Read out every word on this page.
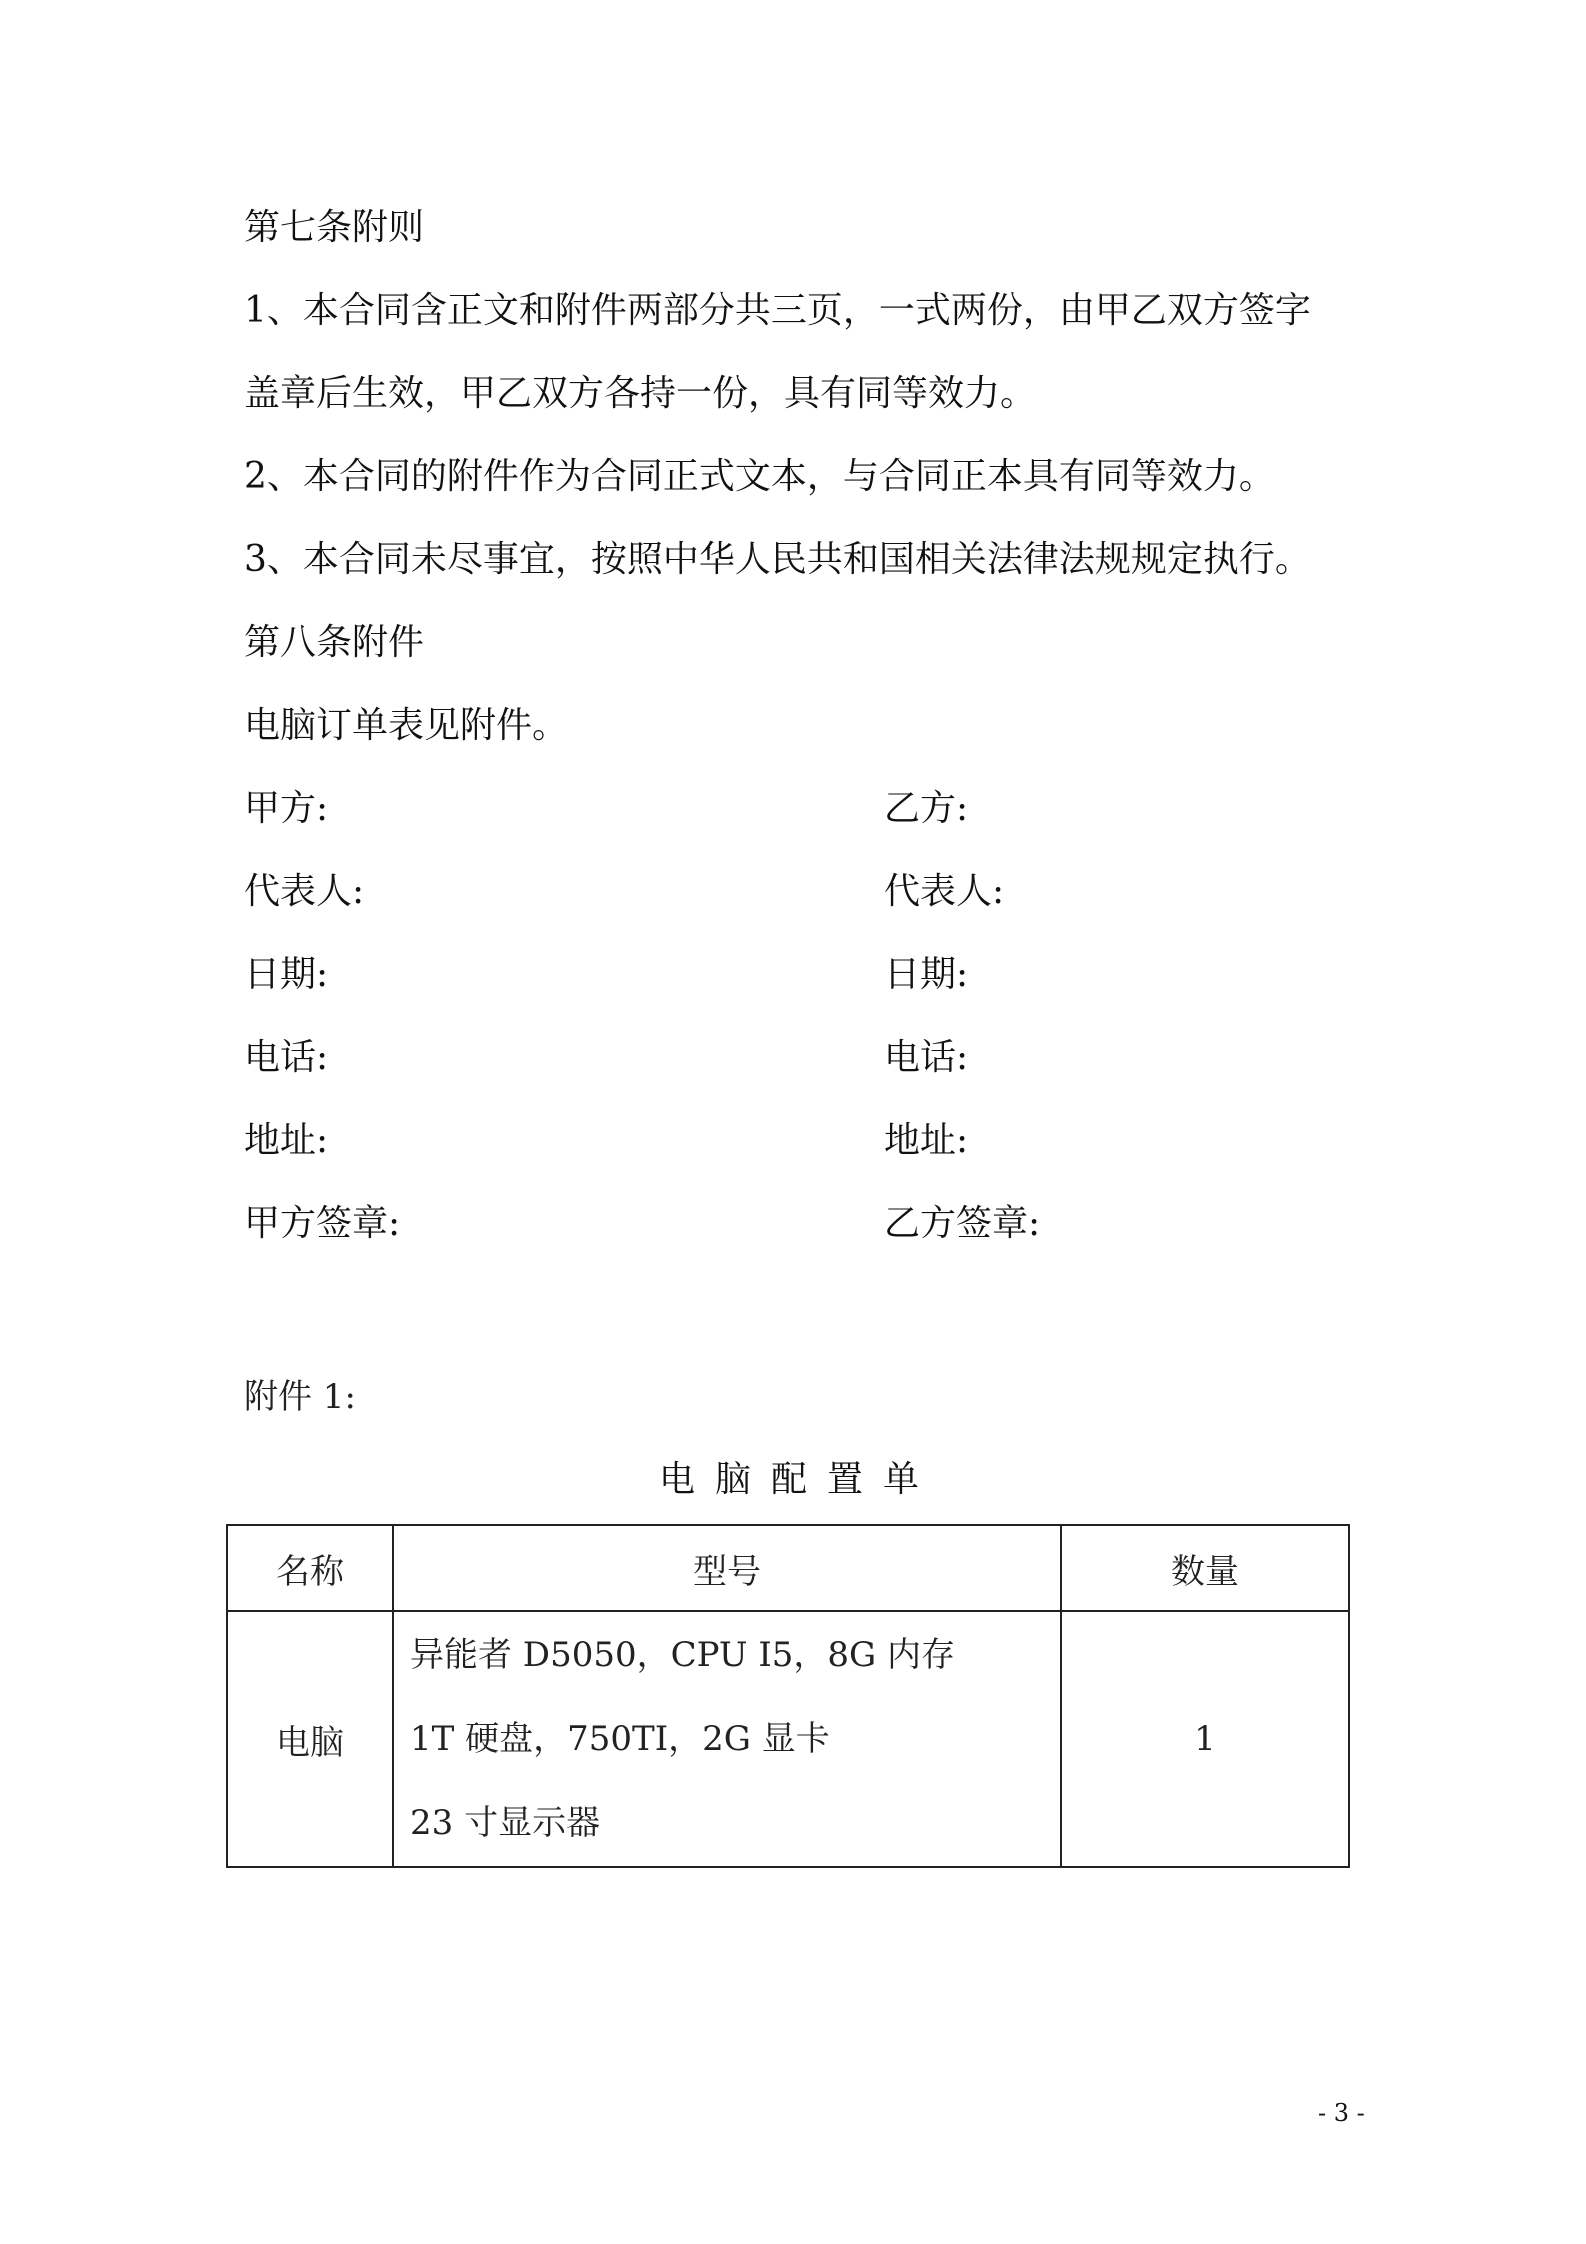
第七条附则
1、本合同含正文和附件两部分共三页，一式两份，由甲乙双方签字
盖章后生效，甲乙双方各持一份，具有同等效力。
2、本合同的附件作为合同正式文本，与合同正本具有同等效力。
3、本合同未尽事宜，按照中华人民共和国相关法律法规规定执行。
第八条附件
电脑订单表见附件。
甲方:	乙方:
代表人:	代表人:
日期:	日期:
电话:	电话:
地址:	地址:
甲方签章:	乙方签章:
附件 1:
电脑配置单
名称	型号	数量
电脑	异能者 D5050，CPU I5，8G 内存
1T 硬盘，750TI，2G 显卡
23 寸显示器	1
- 3 -
